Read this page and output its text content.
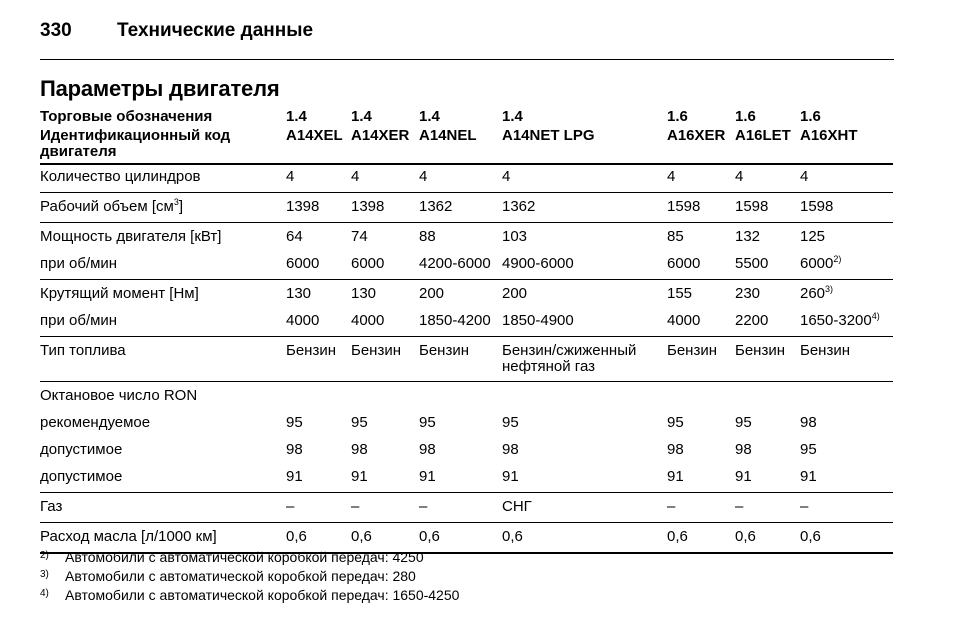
330 Технические данные
Параметры двигателя
Торговые обозначения	1.4	1.4	1.4	1.4	1.6	1.6	1.6
Идентификационный код двигателя	A14XEL	A14XER	A14NEL	A14NET LPG	A16XER	A16LET	A16XHT
Количество цилиндров	4	4	4	4	4	4	4
Рабочий объем $[см^3]$	1398	1398	1362	1362	1598	1598	1598
Мощность двигателя [кВт]	64	74	88	103	85	132	125
при об/мин	6000	6000	4200-6000	4900-6000	6000	5500	6000$^{2)}$
Крутящий момент [Нм]	130	130	200	200	155	230	260$^{3)}$
при об/мин	4000	4000	1850-4200	1850-4900	4000	2200	1650-3200$^{4)}$
Тип топлива	Бензин	Бензин	Бензин	Бензин/сжиженный нефтяной газ	Бензин	Бензин	Бензин
Октановое число RON							
рекомендуемое	95	95	95	95	95	95	98
допустимое	98	98	98	98	98	98	95
допустимое	91	91	91	91	91	91	91
Газ	–	–	–	СНГ	–	–	–
Расход масла [л/1000 км]	0,6	0,6	0,6	0,6	0,6	0,6	0,6
2) Автомобили с автоматической коробкой передач: 4250
3) Автомобили с автоматической коробкой передач: 280
4) Автомобили с автоматической коробкой передач: 1650-4250
